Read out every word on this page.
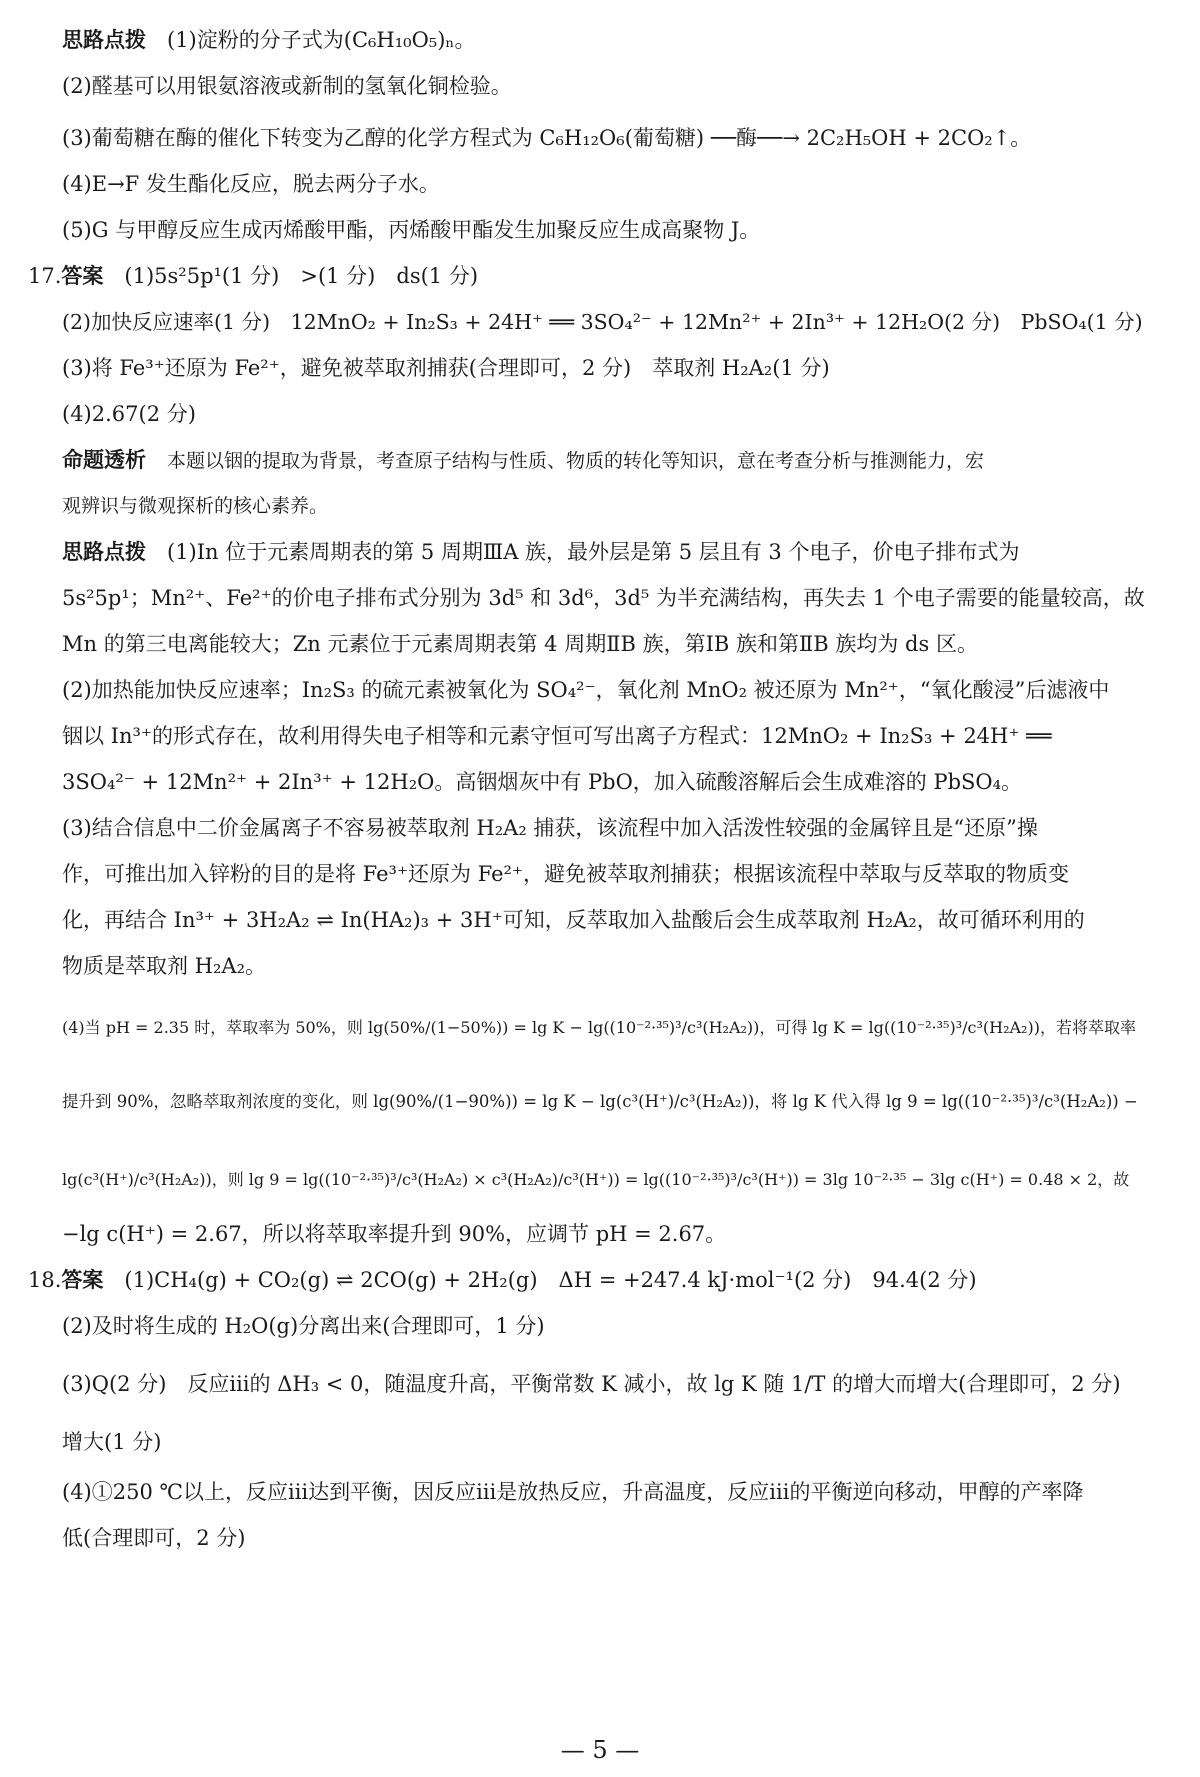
思路点拨　 (1)淀粉的分子式为(C₆H₁₀O₅)ₙ。
(2)醛基可以用银氨溶液或新制的氢氧化铜检验。
(3)葡萄糖在酶的催化下转变为乙醇的化学方程式为 C₆H₁₂O₆(葡萄糖) ──酶──→ 2C₂H₅OH + 2CO₂↑。
(4)E→F 发生酯化反应，脱去两分子水。
(5)G 与甲醇反应生成丙烯酸甲酯，丙烯酸甲酯发生加聚反应生成高聚物 J。
17.答案　 (1)5s²5p¹(1 分)　>(1 分)　ds(1 分)
(2)加快反应速率(1 分)　12MnO₂ + In₂S₃ + 24H⁺ ══ 3SO₄²⁻ + 12Mn²⁺ + 2In³⁺ + 12H₂O(2 分)　PbSO₄(1 分)
(3)将 Fe³⁺还原为 Fe²⁺，避免被萃取剂捕获(合理即可，2 分)　萃取剂 H₂A₂(1 分)
(4)2.67(2 分)
命题透析　 本题以铟的提取为背景，考查原子结构与性质、物质的转化等知识，意在考查分析与推测能力，宏
观辨识与微观探析的核心素养。
思路点拨　 (1)In 位于元素周期表的第 5 周期ⅢA 族，最外层是第 5 层且有 3 个电子，价电子排布式为
5s²5p¹；Mn²⁺、Fe²⁺的价电子排布式分别为 3d⁵ 和 3d⁶，3d⁵ 为半充满结构，再失去 1 个电子需要的能量较高，故
Mn 的第三电离能较大；Zn 元素位于元素周期表第 4 周期ⅡB 族，第ⅠB 族和第ⅡB 族均为 ds 区。
(2)加热能加快反应速率；In₂S₃ 的硫元素被氧化为 SO₄²⁻，氧化剂 MnO₂ 被还原为 Mn²⁺，“氧化酸浸”后滤液中
铟以 In³⁺的形式存在，故利用得失电子相等和元素守恒可写出离子方程式：12MnO₂ + In₂S₃ + 24H⁺ ══
3SO₄²⁻ + 12Mn²⁺ + 2In³⁺ + 12H₂O。高铟烟灰中有 PbO，加入硫酸溶解后会生成难溶的 PbSO₄。
(3)结合信息中二价金属离子不容易被萃取剂 H₂A₂ 捕获，该流程中加入活泼性较强的金属锌且是“还原”操
作，可推出加入锌粉的目的是将 Fe³⁺还原为 Fe²⁺，避免被萃取剂捕获；根据该流程中萃取与反萃取的物质变
化，再结合 In³⁺ + 3H₂A₂ ⇌ In(HA₂)₃ + 3H⁺可知，反萃取加入盐酸后会生成萃取剂 H₂A₂，故可循环利用的
物质是萃取剂 H₂A₂。
(4)当 pH = 2.35 时，萃取率为 50%，则 lg(50%/(1−50%)) = lg K − lg((10⁻²·³⁵)³/c³(H₂A₂))，可得 lg K = lg((10⁻²·³⁵)³/c³(H₂A₂))，若将萃取率
提升到 90%，忽略萃取剂浓度的变化，则 lg(90%/(1−90%)) = lg K − lg(c³(H⁺)/c³(H₂A₂))，将 lg K 代入得 lg 9 = lg((10⁻²·³⁵)³/c³(H₂A₂)) −
lg(c³(H⁺)/c³(H₂A₂))，则 lg 9 = lg((10⁻²·³⁵)³/c³(H₂A₂) × c³(H₂A₂)/c³(H⁺)) = lg((10⁻²·³⁵)³/c³(H⁺)) = 3lg 10⁻²·³⁵ − 3lg c(H⁺) = 0.48 × 2，故
−lg c(H⁺) = 2.67，所以将萃取率提升到 90%，应调节 pH = 2.67。
18.答案　 (1)CH₄(g) + CO₂(g) ⇌ 2CO(g) + 2H₂(g)　ΔH = +247.4 kJ·mol⁻¹(2 分)　94.4(2 分)
(2)及时将生成的 H₂O(g)分离出来(合理即可，1 分)
(3)Q(2 分)　反应ⅲ的 ΔH₃ < 0，随温度升高，平衡常数 K 减小，故 lg K 随 1/T 的增大而增大(合理即可，2 分)
增大(1 分)
(4)①250 ℃以上，反应ⅲ达到平衡，因反应ⅲ是放热反应，升高温度，反应ⅲ的平衡逆向移动，甲醇的产率降
低(合理即可，2 分)
— 5 —
